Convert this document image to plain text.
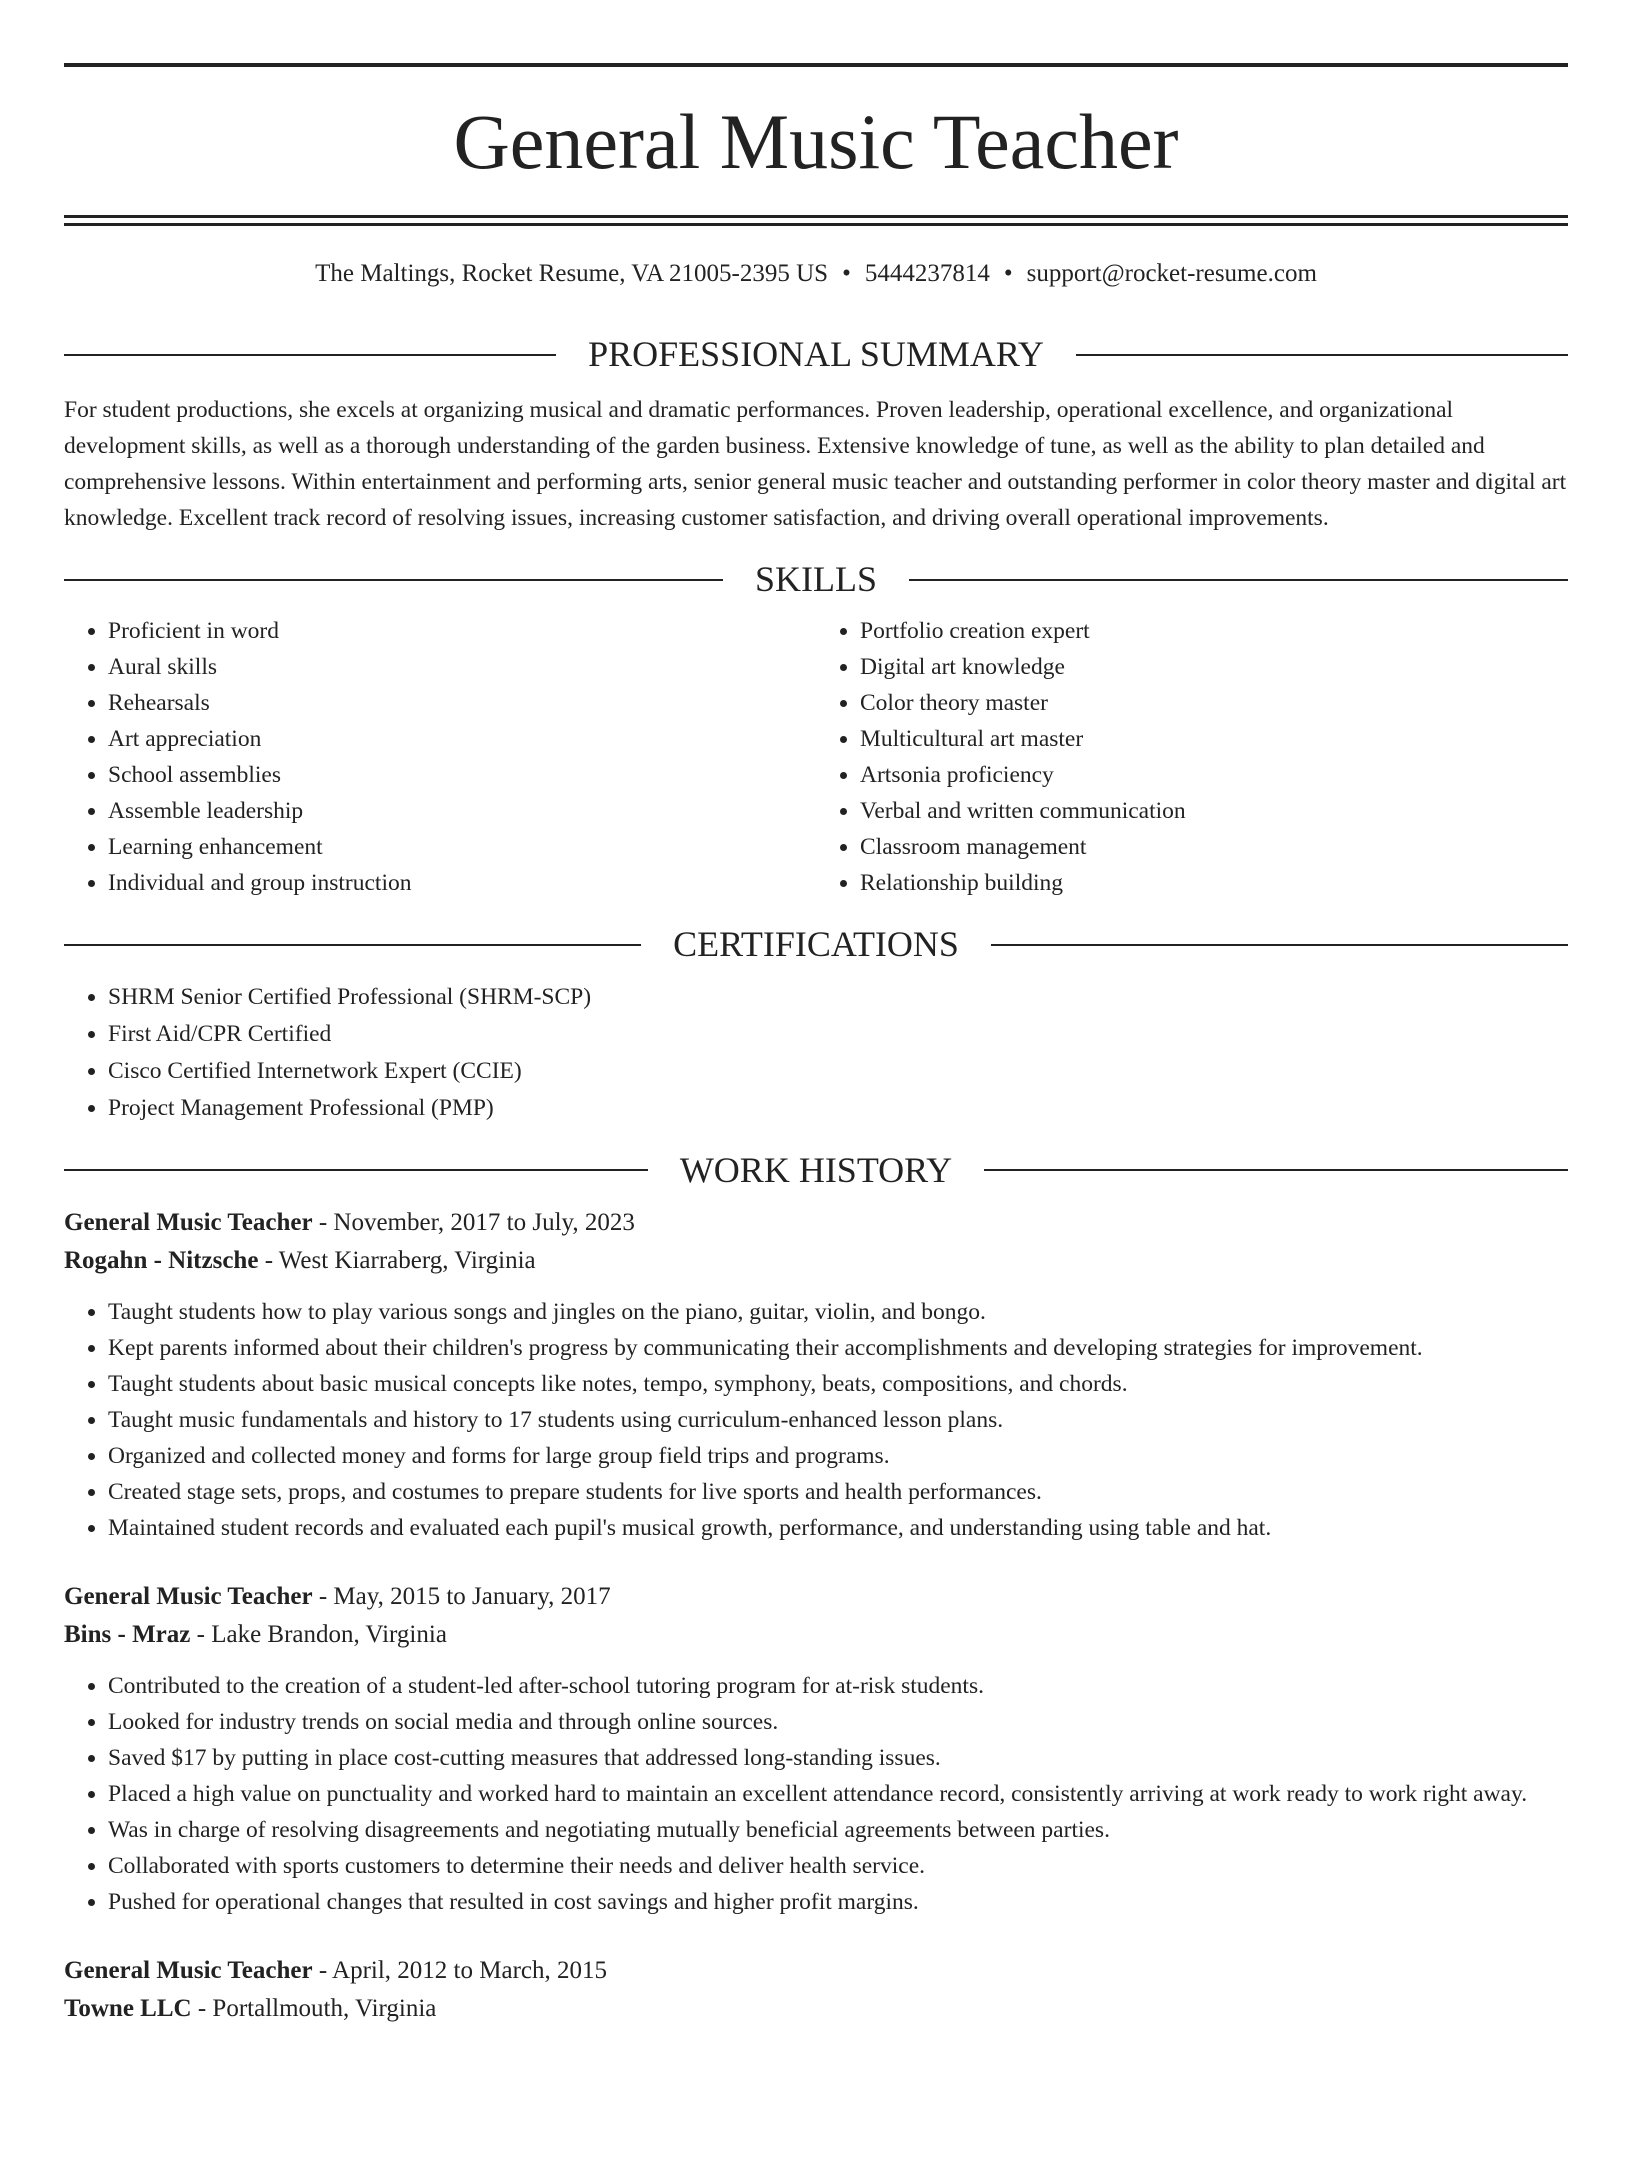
General Music Teacher
The Maltings, Rocket Resume, VA 21005-2395 US • 5444237814 • support@rocket-resume.com
PROFESSIONAL SUMMARY

For student productions, she excels at organizing musical and dramatic performances. Proven leadership, operational excellence, and organizational development skills, as well as a thorough understanding of the garden business. Extensive knowledge of tune, as well as the ability to plan detailed and comprehensive lessons. Within entertainment and performing arts, senior general music teacher and outstanding performer in color theory master and digital art knowledge. Excellent track record of resolving issues, increasing customer satisfaction, and driving overall operational improvements.

SKILLS
• Proficient in word
• Aural skills
• Rehearsals
• Art appreciation
• School assemblies
• Assemble leadership
• Learning enhancement
• Individual and group instruction
• Portfolio creation expert
• Digital art knowledge
• Color theory master
• Multicultural art master
• Artsonia proficiency
• Verbal and written communication
• Classroom management
• Relationship building
CERTIFICATIONS
• SHRM Senior Certified Professional (SHRM-SCP)
• First Aid/CPR Certified
• Cisco Certified Internetwork Expert (CCIE)
• Project Management Professional (PMP)
WORK HISTORY
General Music Teacher - November, 2017 to July, 2023
Rogahn - Nitzsche - West Kiarraberg, Virginia
• Taught students how to play various songs and jingles on the piano, guitar, violin, and bongo.
• Kept parents informed about their children's progress by communicating their accomplishments and developing strategies for improvement.
• Taught students about basic musical concepts like notes, tempo, symphony, beats, compositions, and chords.
• Taught music fundamentals and history to 17 students using curriculum-enhanced lesson plans.
• Organized and collected money and forms for large group field trips and programs.
• Created stage sets, props, and costumes to prepare students for live sports and health performances.
• Maintained student records and evaluated each pupil's musical growth, performance, and understanding using table and hat.
General Music Teacher - May, 2015 to January, 2017
Bins - Mraz - Lake Brandon, Virginia
• Contributed to the creation of a student-led after-school tutoring program for at-risk students.
• Looked for industry trends on social media and through online sources.
• Saved $17 by putting in place cost-cutting measures that addressed long-standing issues.
• Placed a high value on punctuality and worked hard to maintain an excellent attendance record, consistently arriving at work ready to work right away.
• Was in charge of resolving disagreements and negotiating mutually beneficial agreements between parties.
• Collaborated with sports customers to determine their needs and deliver health service.
• Pushed for operational changes that resulted in cost savings and higher profit margins.
General Music Teacher - April, 2012 to March, 2015
Towne LLC - Portallmouth, Virginia
